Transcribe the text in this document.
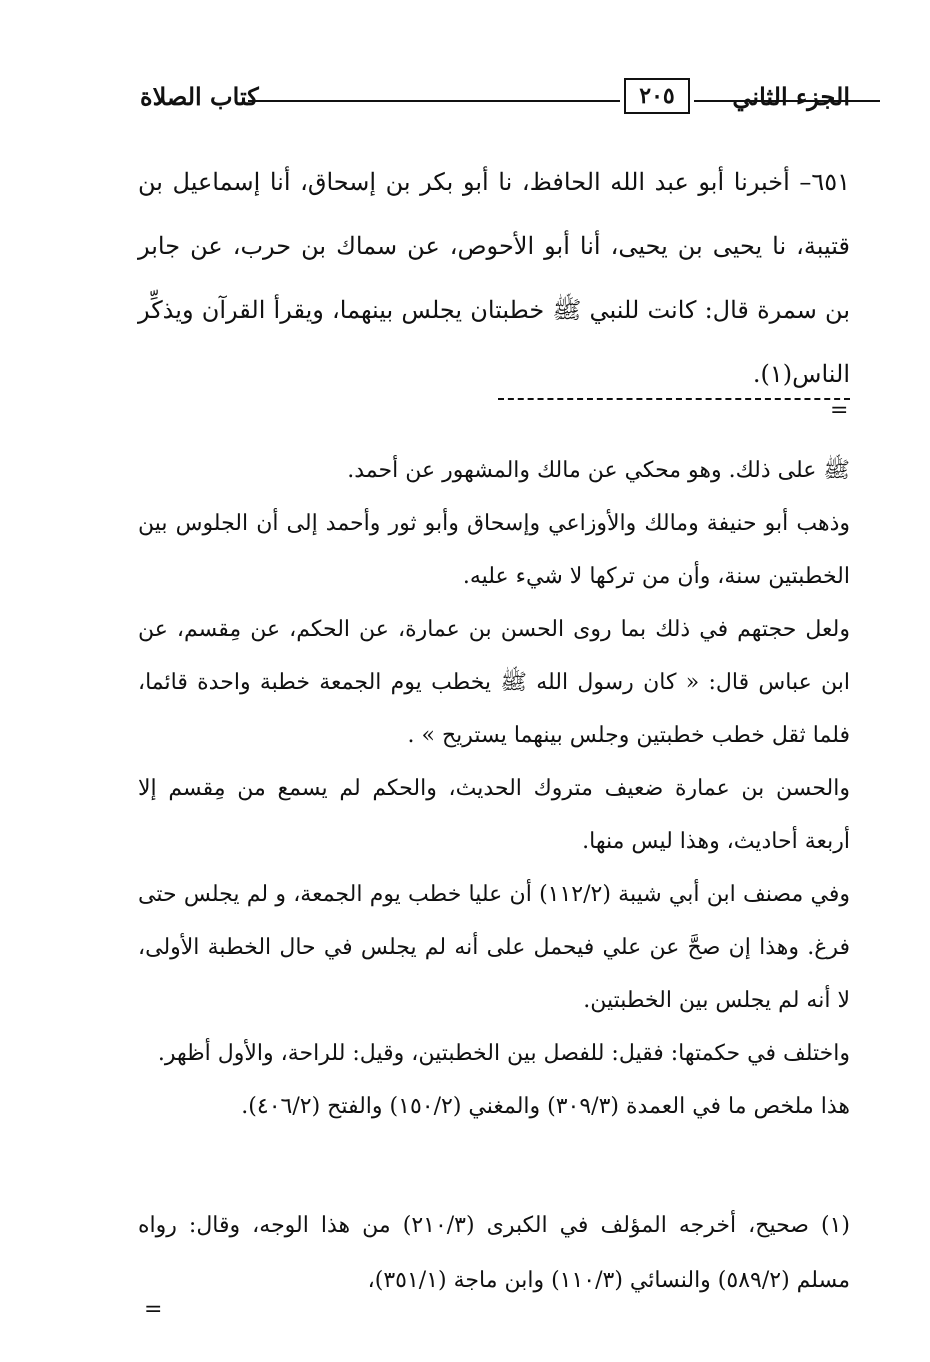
الجزء الثاني
٢٠٥
كتاب الصلاة

٦٥١– أخبرنا أبو عبد الله الحافظ، نا أبو بكر بن إسحاق، أنا إسماعيل بن قتيبة، نا يحيى بن يحيى، أنا أبو الأحوص، عن سماك بن حرب، عن جابر بن سمرة قال: كانت للنبي ﷺ خطبتان يجلس بينهما، ويقرأ القرآن ويذكِّر الناس(١).

=

ﷺ على ذلك. وهو محكي عن مالك والمشهور عن أحمد.

وذهب أبو حنيفة ومالك والأوزاعي وإسحاق وأبو ثور وأحمد إلى أن الجلوس بين الخطبتين سنة، وأن من تركها لا شيء عليه.

ولعل حجتهم في ذلك بما روى الحسن بن عمارة، عن الحكم، عن مِقسم، عن ابن عباس قال: « كان رسول الله ﷺ يخطب يوم الجمعة خطبة واحدة قائما، فلما ثقل خطب خطبتين وجلس بينهما يستريح » .

والحسن بن عمارة ضعيف متروك الحديث، والحكم لم يسمع من مِقسم إلا أربعة أحاديث، وهذا ليس منها.

وفي مصنف ابن أبي شيبة (١١٢/٢) أن عليا خطب يوم الجمعة، و لم يجلس حتى فرغ. وهذا إن صحَّ عن علي فيحمل على أنه لم يجلس في حال الخطبة الأولى، لا أنه لم يجلس بين الخطبتين.

واختلف في حكمتها: فقيل: للفصل بين الخطبتين، وقيل: للراحة، والأول أظهر.

هذا ملخص ما في العمدة (٣٠٩/٣) والمغني (١٥٠/٢) والفتح (٤٠٦/٢).

(١) صحيح، أخرجه المؤلف في الكبرى (٢١٠/٣) من هذا الوجه، وقال: رواه مسلم (٥٨٩/٢) والنسائي (١١٠/٣) وابن ماجة (٣٥١/١)،

=
